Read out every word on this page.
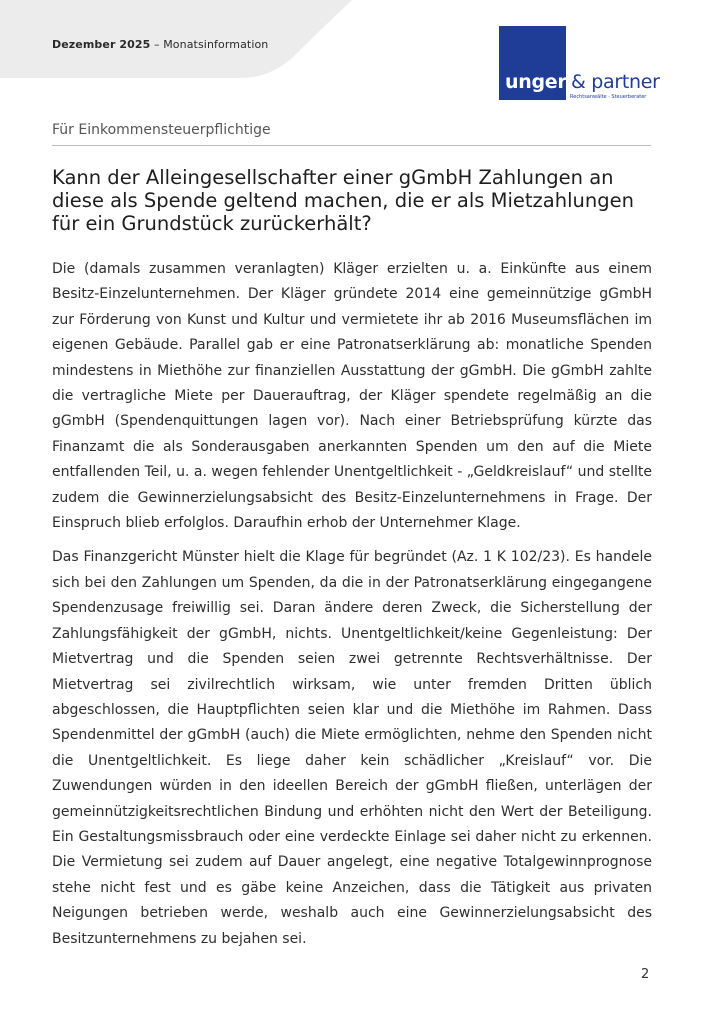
Dezember 2025 – Monatsinformation
unger & partner
Rechtsanwälte · Steuerberater
Für Einkommensteuerpflichtige
Kann der Alleingesellschafter einer gGmbH Zahlungen an diese als Spende geltend machen, die er als Mietzahlungen für ein Grundstück zurückerhält?

Die (damals zusammen veranlagten) Kläger erzielten u. a. Einkünfte aus einem Besitz-Einzelunternehmen. Der Kläger gründete 2014 eine gemeinnützige gGmbH zur Förderung von Kunst und Kultur und vermietete ihr ab 2016 Museumsflächen im eigenen Gebäude. Parallel gab er eine Patronatserklärung ab: monatliche Spenden mindestens in Miethöhe zur finanziellen Ausstattung der gGmbH. Die gGmbH zahlte die vertragliche Miete per Dauerauftrag, der Kläger spendete regelmäßig an die gGmbH (Spendenquittungen lagen vor). Nach einer Betriebsprüfung kürzte das Finanzamt die als Sonderausgaben anerkannten Spenden um den auf die Miete entfallenden Teil, u. a. wegen fehlender Unentgeltlichkeit - „Geldkreislauf“ und stellte zudem die Gewinnerzielungsabsicht des Besitz-Einzelunternehmens in Frage. Der Einspruch blieb erfolglos. Daraufhin erhob der Unternehmer Klage.

Das Finanzgericht Münster hielt die Klage für begründet (Az. 1 K 102/23). Es handele sich bei den Zahlungen um Spenden, da die in der Patronatserklärung eingegangene Spendenzusage freiwillig sei. Daran ändere deren Zweck, die Sicherstellung der Zahlungsfähigkeit der gGmbH, nichts. Unentgeltlichkeit/keine Gegenleistung: Der Mietvertrag und die Spenden seien zwei getrennte Rechtsverhältnisse. Der Mietvertrag sei zivilrechtlich wirksam, wie unter fremden Dritten üblich abgeschlossen, die Hauptpflichten seien klar und die Miethöhe im Rahmen. Dass Spendenmittel der gGmbH (auch) die Miete ermöglichten, nehme den Spenden nicht die Unentgeltlichkeit. Es liege daher kein schädlicher „Kreislauf“ vor. Die Zuwendungen würden in den ideellen Bereich der gGmbH fließen, unterlägen der gemeinnützigkeitsrechtlichen Bindung und erhöhten nicht den Wert der Beteiligung. Ein Gestaltungsmissbrauch oder eine verdeckte Einlage sei daher nicht zu erkennen. Die Vermietung sei zudem auf Dauer angelegt, eine negative Totalgewinnprognose stehe nicht fest und es gäbe keine Anzeichen, dass die Tätigkeit aus privaten Neigungen betrieben werde, weshalb auch eine Gewinnerzielungsabsicht des Besitzunternehmens zu bejahen sei.

2
